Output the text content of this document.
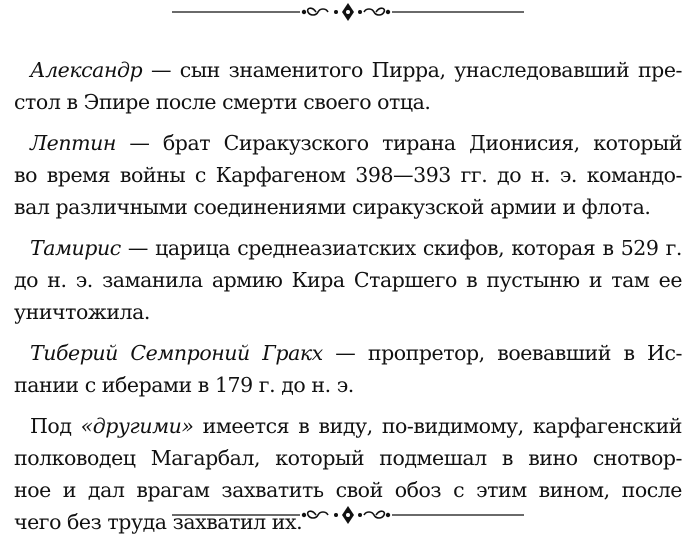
Александр — сын знаменитого Пирра, унаследовавший пре-
стол в Эпире после смерти своего отца.

Лептин — брат Сиракузского тирана Дионисия, который
во время войны с Карфагеном 398—393 гг. до н. э. командо-
вал различными соединениями сиракузской армии и флота.

Тамирис — царица среднеазиатских скифов, которая в 529 г.
до н. э. заманила армию Кира Старшего в пустыню и там ее
уничтожила.

Тиберий Семпроний Гракх — пропретор, воевавший в Ис-
пании с иберами в 179 г. до н. э.

Под «другими» имеется в виду, по-видимому, карфагенский
полководец Магарбал, который подмешал в вино снотвор-
ное и дал врагам захватить свой обоз с этим вином, после
чего без труда захватил их.
